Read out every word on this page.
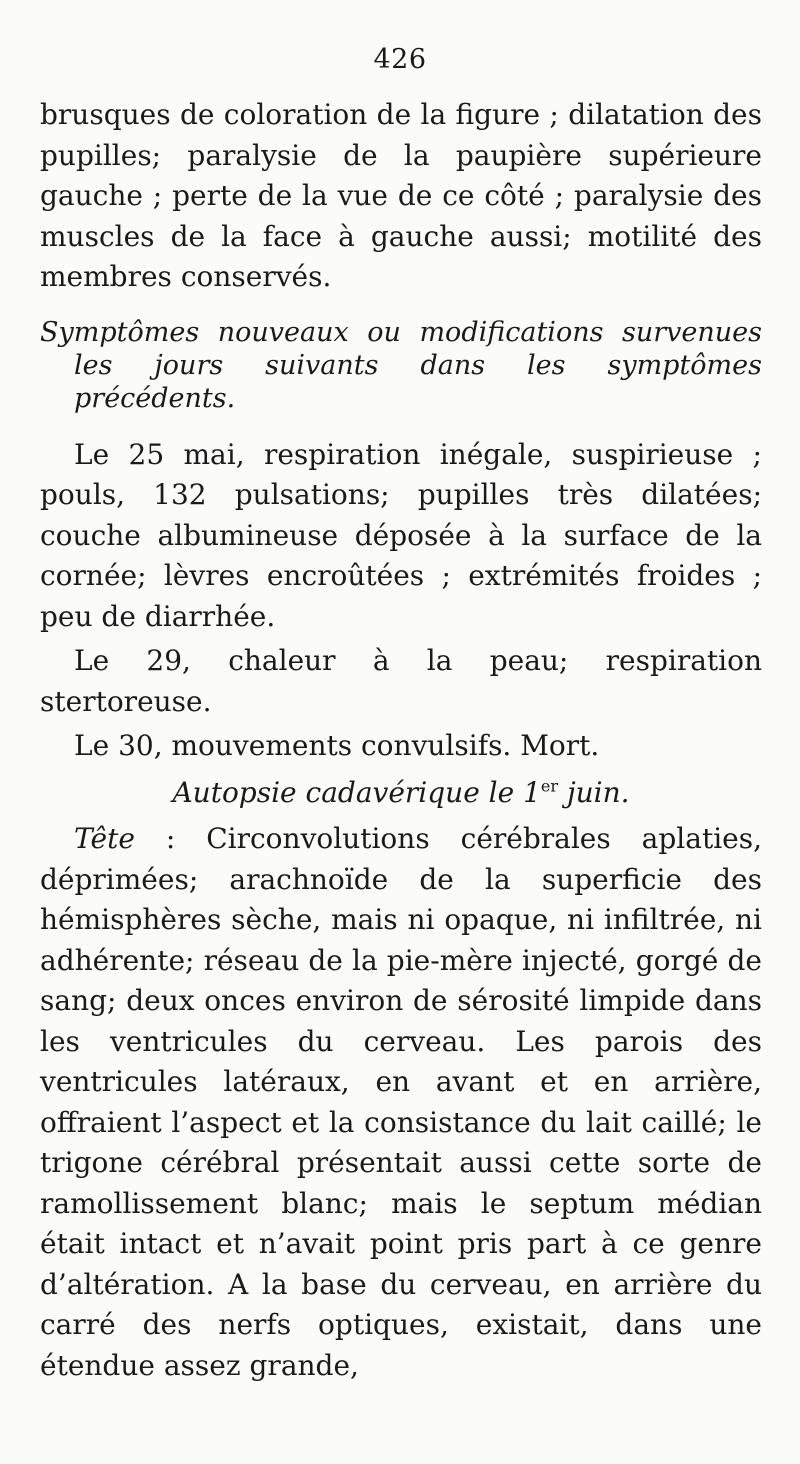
426

brusques de coloration de la figure ; dilatation des pupilles; paralysie de la paupière supérieure gauche ; perte de la vue de ce côté ; paralysie des muscles de la face à gauche aussi; motilité des membres conservés.

Symptômes nouveaux ou modifications survenues les jours suivants dans les symptômes précédents.

Le 25 mai, respiration inégale, suspirieuse ; pouls, 132 pulsations; pupilles très dilatées; couche albumineuse déposée à la surface de la cornée; lèvres encroûtées ; extrémités froides ; peu de diarrhée.

Le 29, chaleur à la peau; respiration stertoreuse.

Le 30, mouvements convulsifs. Mort.

Autopsie cadavérique le 1er juin.

Tête : Circonvolutions cérébrales aplaties, déprimées; arachnoïde de la superficie des hémisphères sèche, mais ni opaque, ni infiltrée, ni adhérente; réseau de la pie-mère injecté, gorgé de sang; deux onces environ de sérosité limpide dans les ventricules du cerveau. Les parois des ventricules latéraux, en avant et en arrière, offraient l’aspect et la consistance du lait caillé; le trigone cérébral présentait aussi cette sorte de ramollissement blanc; mais le septum médian était intact et n’avait point pris part à ce genre d’altération. A la base du cerveau, en arrière du carré des nerfs optiques, existait, dans une étendue assez grande,
